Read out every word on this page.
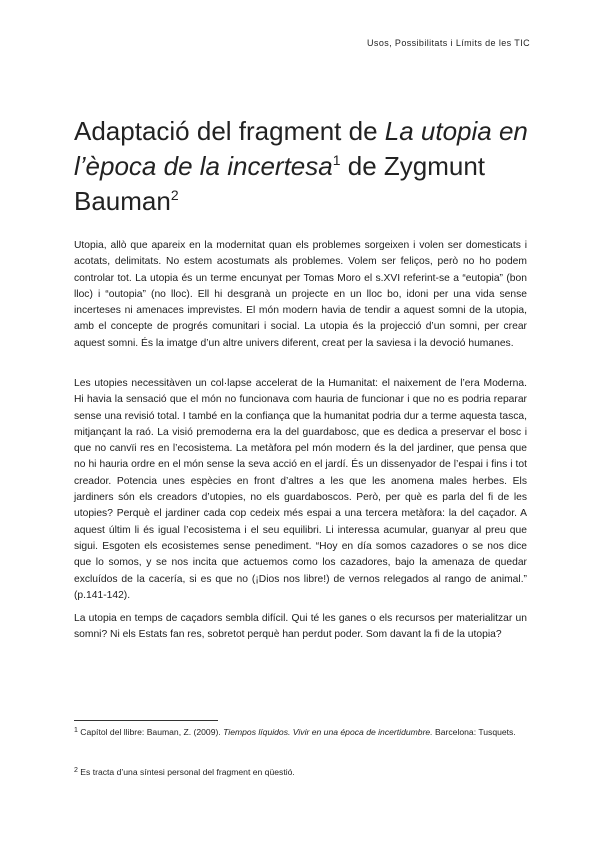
Usos, Possibilitats i Límits de les TIC
Adaptació del fragment de La utopia en l’època de la incertesa$^1$ de Zygmunt Bauman$^2$

Utopia, allò que apareix en la modernitat quan els problemes sorgeixen i volen ser domesticats i acotats, delimitats. No estem acostumats als problemes. Volem ser feliços, però no ho podem controlar tot. La utopia és un terme encunyat per Tomas Moro el s.XVI referint-se a “eutopia” (bon lloc) i “outopia” (no lloc). Ell hi desgranà un projecte en un lloc bo, idoni per una vida sense incerteses ni amenaces imprevistes. El món modern havia de tendir a aquest somni de la utopia, amb el concepte de progrés comunitari i social. La utopia és la projecció d’un somni, per crear aquest somni. És la imatge d’un altre univers diferent, creat per la saviesa i la devoció humanes.

Les utopies necessitàven un col·lapse accelerat de la Humanitat: el naixement de l’era Moderna. Hi havia la sensació que el món no funcionava com hauria de funcionar i que no es podria reparar sense una revisió total. I també en la confiança que la humanitat podria dur a terme aquesta tasca, mitjançant la raó. La visió premoderna era la del guardabosc, que es dedica a preservar el bosc i que no canvïi res en l’ecosistema. La metàfora pel món modern és la del jardiner, que pensa que no hi hauria ordre en el món sense la seva acció en el jardí. És un dissenyador de l’espai i fins i tot creador. Potencia unes espècies en front d’altres a les que les anomena males herbes. Els jardiners són els creadors d’utopies, no els guardaboscos. Però, per què es parla del fi de les utopies? Perquè el jardiner cada cop cedeix més espai a una tercera metàfora: la del caçador. A aquest últim li és igual l’ecosistema i el seu equilibri. Li interessa acumular, guanyar al preu que sigui. Esgoten els ecosistemes sense penediment. “Hoy en día somos cazadores o se nos dice que lo somos, y se nos incita que actuemos como los cazadores, bajo la amenaza de quedar excluídos de la cacería, si es que no (¡Dios nos libre!) de vernos relegados al rango de animal.” (p.141-142).

La utopia en temps de caçadors sembla difícil. Qui té les ganes o els recursos per materialitzar un somni? Ni els Estats fan res, sobretot perquè han perdut poder. Som davant la fi de la utopia?

$^1$ Capítol del llibre: Bauman, Z. (2009). Tiempos líquidos. Vivir en una época de incertidumbre. Barcelona: Tusquets.

$^2$ Es tracta d’una síntesi personal del fragment en qüestió.
